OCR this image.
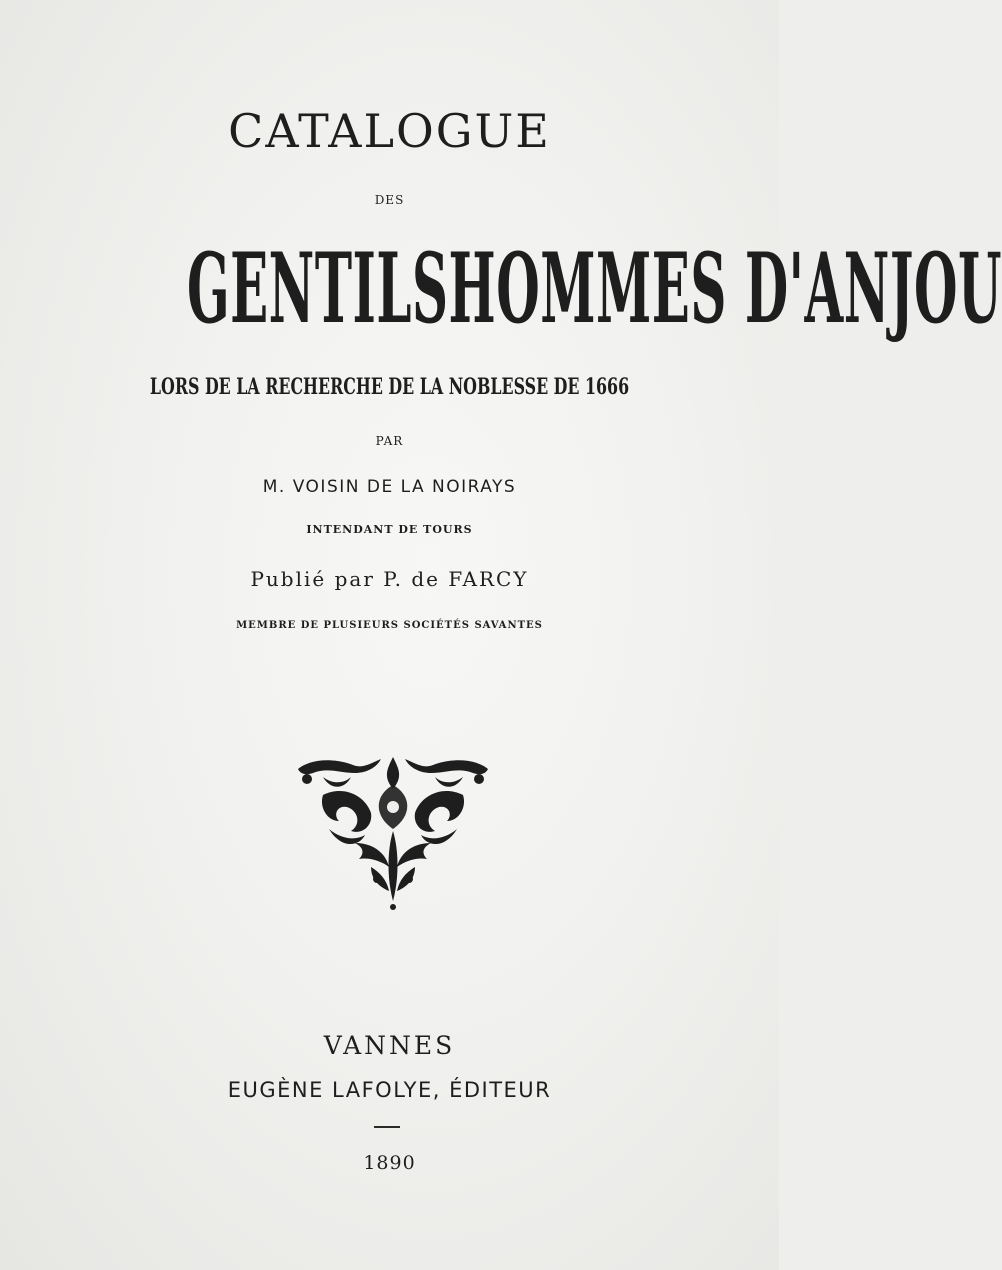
CATALOGUE
DES
GENTILSHOMMES D'ANJOU
LORS DE LA RECHERCHE DE LA NOBLESSE DE 1666
PAR
M. VOISIN DE LA NOIRAYS
INTENDANT DE TOURS
Publié par P. de FARCY
MEMBRE DE PLUSIEURS SOCIÉTÉS SAVANTES
VANNES
EUGÈNE LAFOLYE, ÉDITEUR
1890
